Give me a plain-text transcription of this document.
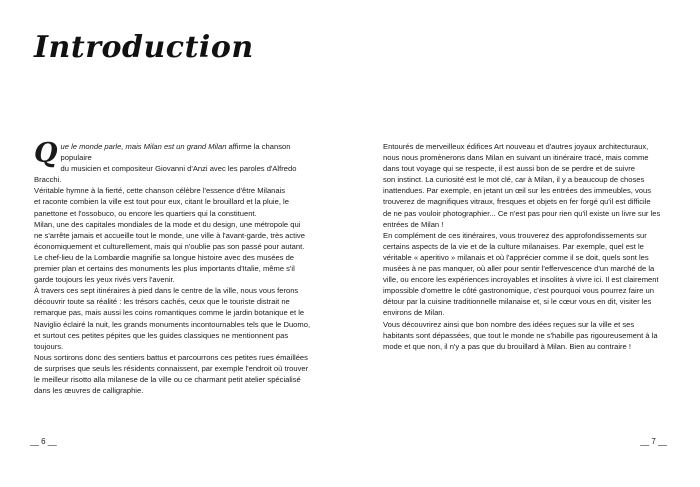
Introduction

Que le monde parle, mais Milan est un grand Milan affirme la chanson populaire
du musicien et compositeur Giovanni d'Anzi avec les paroles d'Alfredo Bracchi.
Véritable hymne à la fierté, cette chanson célèbre l'essence d'être Milanais
et raconte combien la ville est tout pour eux, citant le brouillard et la pluie, le
panettone et l'ossobuco, ou encore les quartiers qui la constituent.

Milan, une des capitales mondiales de la mode et du design, une métropole qui
ne s'arrête jamais et accueille tout le monde, une ville à l'avant-garde, très active
économiquement et culturellement, mais qui n'oublie pas son passé pour autant.

Le chef-lieu de la Lombardie magnifie sa longue histoire avec des musées de
premier plan et certains des monuments les plus importants d'Italie, même s'il
garde toujours les yeux rivés vers l'avenir.

À travers ces sept itinéraires à pied dans le centre de la ville, nous vous ferons
découvrir toute sa réalité : les trésors cachés, ceux que le touriste distrait ne
remarque pas, mais aussi les coins romantiques comme le jardin botanique et le
Naviglio éclairé la nuit, les grands monuments incontournables tels que le Duomo,
et surtout ces petites pépites que les guides classiques ne mentionnent pas
toujours.

Nous sortirons donc des sentiers battus et parcourrons ces petites rues émaillées
de surprises que seuls les résidents connaissent, par exemple l'endroit où trouver
le meilleur risotto alla milanese de la ville ou ce charmant petit atelier spécialisé
dans les œuvres de calligraphie.

Entourés de merveilleux édifices Art nouveau et d'autres joyaux architecturaux,
nous nous promènerons dans Milan en suivant un itinéraire tracé, mais comme
dans tout voyage qui se respecte, il est aussi bon de se perdre et de suivre
son instinct. La curiosité est le mot clé, car à Milan, il y a beaucoup de choses
inattendues. Par exemple, en jetant un œil sur les entrées des immeubles, vous
trouverez de magnifiques vitraux, fresques et objets en fer forgé qu'il est difficile
de ne pas vouloir photographier... Ce n'est pas pour rien qu'il existe un livre sur les
entrées de Milan !

En complément de ces itinéraires, vous trouverez des approfondissements sur
certains aspects de la vie et de la culture milanaises. Par exemple, quel est le
véritable « aperitivo » milanais et où l'apprécier comme il se doit, quels sont les
musées à ne pas manquer, où aller pour sentir l'effervescence d'un marché de la
ville, ou encore les expériences incroyables et insolites à vivre ici. Il est clairement
impossible d'omettre le côté gastronomique, c'est pourquoi vous pourrez faire un
détour par la cuisine traditionnelle milanaise et, si le cœur vous en dit, visiter les
environs de Milan.

Vous découvrirez ainsi que bon nombre des idées reçues sur la ville et ses
habitants sont dépassées, que tout le monde ne s'habille pas rigoureusement à la
mode et que non, il n'y a pas que du brouillard à Milan. Bien au contraire !

__ 6 __	__ 7 __
